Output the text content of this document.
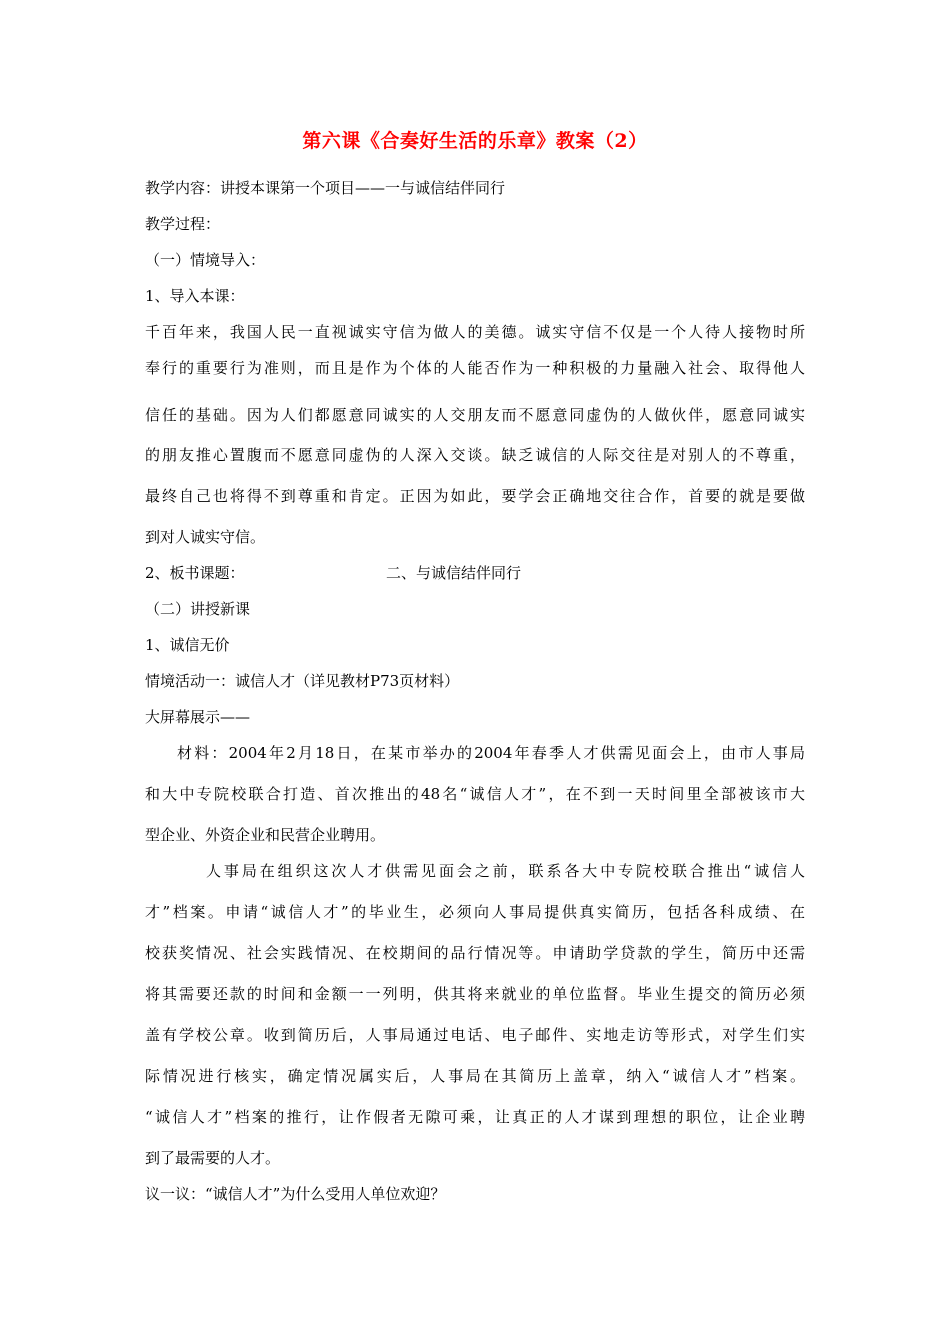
第六课《合奏好生活的乐章》教案（2）
教学内容：讲授本课第一个项目——一与诚信结伴同行
教学过程：
（一）情境导入：
1、导入本课：
千百年来，我国人民一直视诚实守信为做人的美德。诚实守信不仅是一个人待人接物时所
奉行的重要行为准则，而且是作为个体的人能否作为一种积极的力量融入社会、取得他人
信任的基础。因为人们都愿意同诚实的人交朋友而不愿意同虚伪的人做伙伴，愿意同诚实
的朋友推心置腹而不愿意同虚伪的人深入交谈。缺乏诚信的人际交往是对别人的不尊重，
最终自己也将得不到尊重和肯定。正因为如此，要学会正确地交往合作，首要的就是要做
到对人诚实守信。
2、板书课题：	二、与诚信结伴同行
（二）讲授新课
1、诚信无价
情境活动一：诚信人才（详见教材P73页材料）
大屏幕展示——
材料：2004年2月18日，在某市举办的2004年春季人才供需见面会上，由市人事局
和大中专院校联合打造、首次推出的48名“诚信人才”，在不到一天时间里全部被该市大
型企业、外资企业和民营企业聘用。
人事局在组织这次人才供需见面会之前，联系各大中专院校联合推出“诚信人
才”档案。申请“诚信人才”的毕业生，必须向人事局提供真实简历，包括各科成绩、在
校获奖情况、社会实践情况、在校期间的品行情况等。申请助学贷款的学生，简历中还需
将其需要还款的时间和金额一一列明，供其将来就业的单位监督。毕业生提交的简历必须
盖有学校公章。收到简历后，人事局通过电话、电子邮件、实地走访等形式，对学生们实
际情况进行核实，确定情况属实后，人事局在其简历上盖章，纳入“诚信人才”档案。
“诚信人才”档案的推行，让作假者无隙可乘，让真正的人才谋到理想的职位，让企业聘
到了最需要的人才。
议一议：“诚信人才”为什么受用人单位欢迎？
